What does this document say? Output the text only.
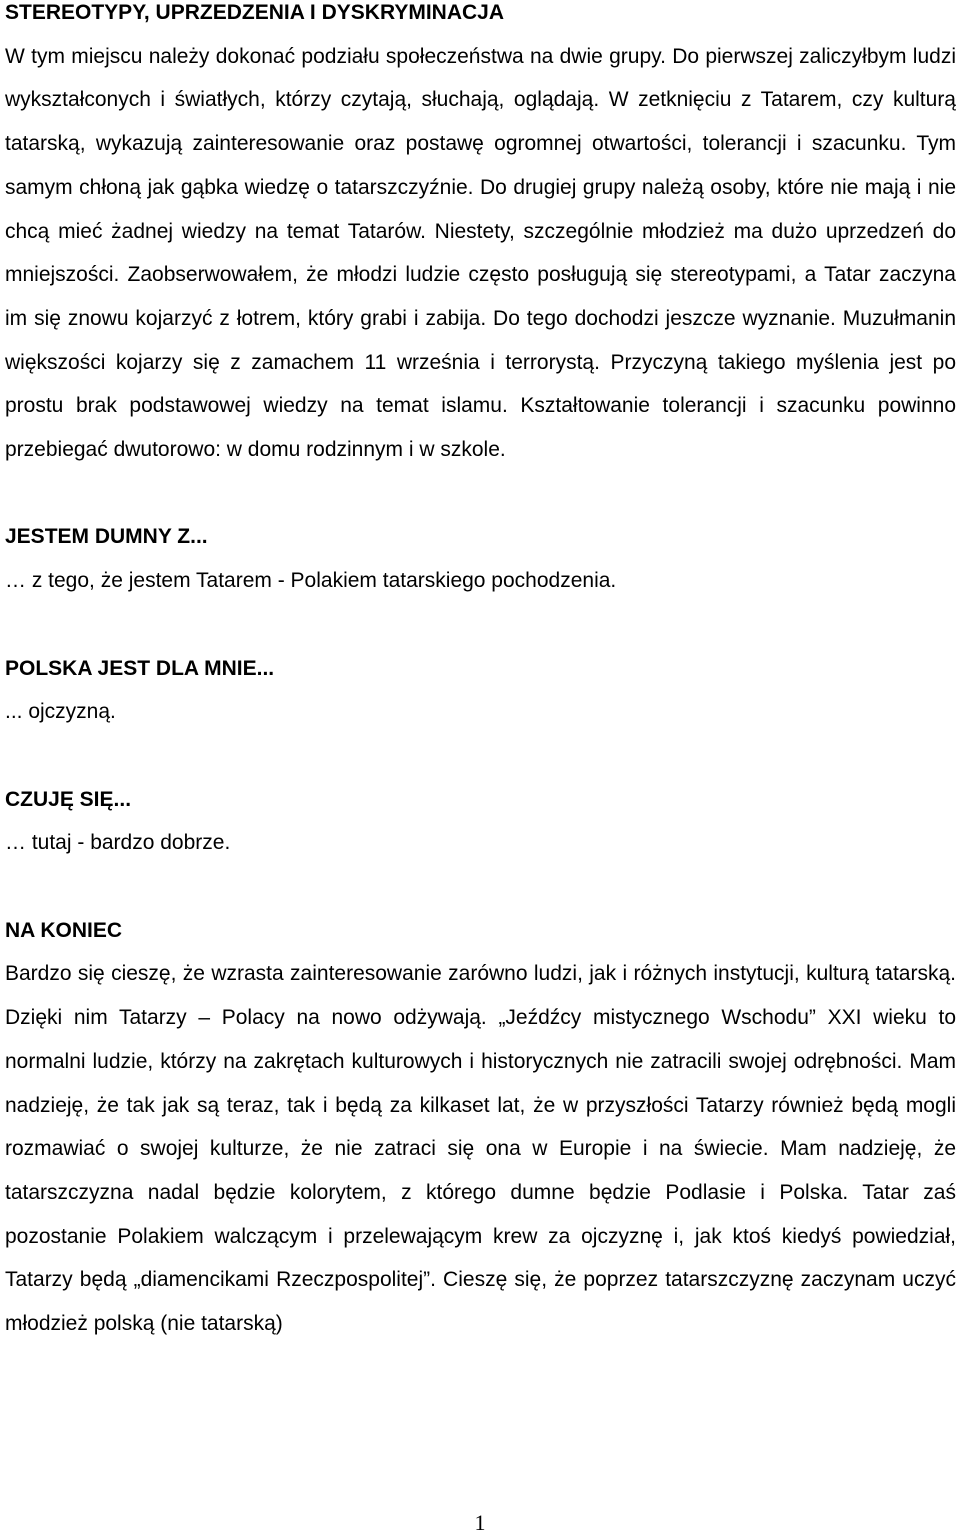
STEREOTYPY, UPRZEDZENIA I DYSKRYMINACJA

W tym miejscu należy dokonać podziału społeczeństwa na dwie grupy. Do pierwszej zaliczyłbym ludzi wykształconych i światłych, którzy czytają, słuchają, oglądają. W zetknięciu z Tatarem, czy kulturą tatarską, wykazują zainteresowanie oraz postawę ogromnej otwartości, tolerancji i szacunku. Tym samym chłoną jak gąbka wiedzę o tatarszczyźnie. Do drugiej grupy należą osoby, które nie mają i nie chcą mieć żadnej wiedzy na temat Tatarów. Niestety, szczególnie młodzież ma dużo uprzedzeń do mniejszości. Zaobserwowałem, że młodzi ludzie często posługują się stereotypami, a Tatar zaczyna im się znowu kojarzyć z łotrem, który grabi i zabija. Do tego dochodzi jeszcze wyznanie. Muzułmanin większości kojarzy się z zamachem 11 września i terrorystą. Przyczyną takiego myślenia jest po prostu brak podstawowej wiedzy na temat islamu. Kształtowanie tolerancji i szacunku powinno przebiegać dwutorowo: w domu rodzinnym i w szkole.

JESTEM DUMNY Z...

… z tego, że jestem Tatarem - Polakiem tatarskiego pochodzenia.

POLSKA JEST DLA MNIE...

... ojczyzną.

CZUJĘ SIĘ...

… tutaj - bardzo dobrze.

NA KONIEC

Bardzo się cieszę, że wzrasta zainteresowanie zarówno ludzi, jak i różnych instytucji, kulturą tatarską. Dzięki nim Tatarzy – Polacy na nowo odżywają. „Jeźdźcy mistycznego Wschodu” XXI wieku to normalni ludzie, którzy na zakrętach kulturowych i historycznych nie zatracili swojej odrębności. Mam nadzieję, że tak jak są teraz, tak i będą za kilkaset lat, że w przyszłości Tatarzy również będą mogli rozmawiać o swojej kulturze, że nie zatraci się ona w Europie i na świecie. Mam nadzieję, że tatarszczyzna nadal będzie kolorytem, z którego dumne będzie Podlasie i Polska. Tatar zaś pozostanie Polakiem walczącym i przelewającym krew za ojczyznę i, jak ktoś kiedyś powiedział, Tatarzy będą „diamencikami Rzeczpospolitej”. Cieszę się, że poprzez tatarszczyznę zaczynam uczyć młodzież polską (nie tatarską)

1
